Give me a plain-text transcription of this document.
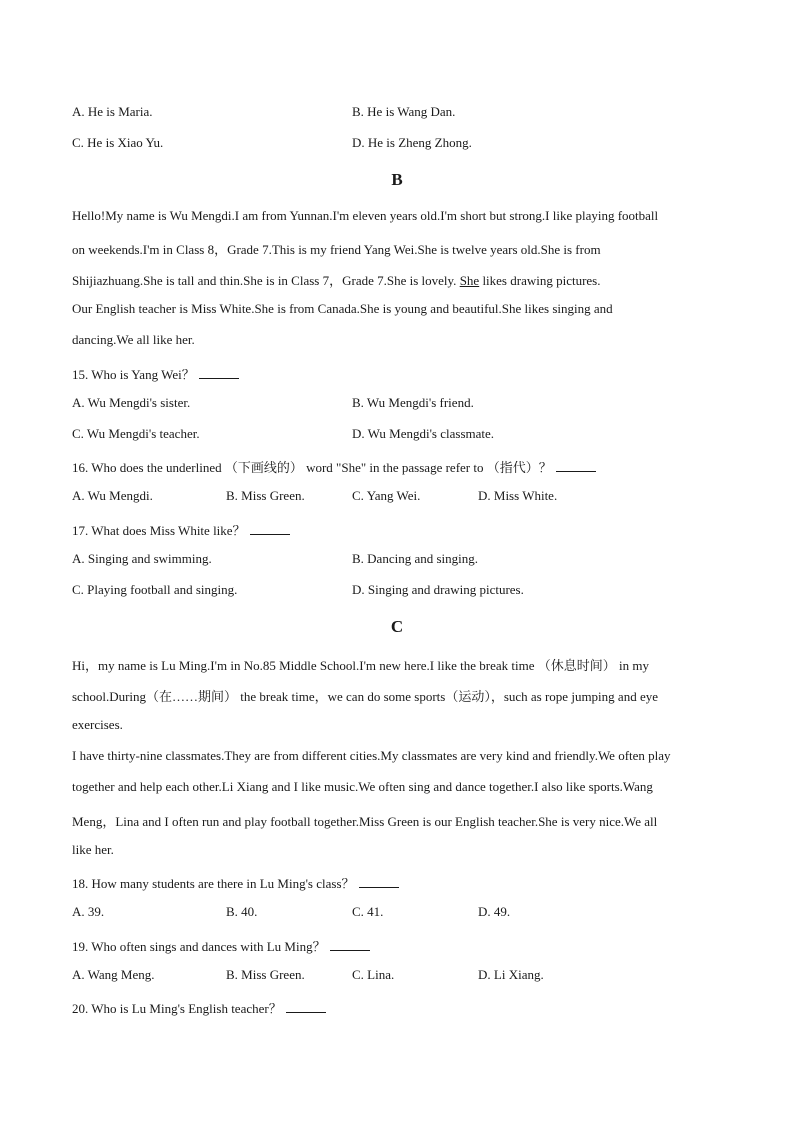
A. He is Maria.	B. He is Wang Dan.
C. He is Xiao Yu.	D. He is Zheng Zhong.
B
Hello!My name is Wu Mengdi.I am from Yunnan.I'm eleven years old.I'm short but strong.I like playing football
on weekends.I'm in Class 8，Grade 7.This is my friend Yang Wei.She is twelve years old.She is from
Shijiazhuang.She is tall and thin.She is in Class 7，Grade 7.She is lovely. She likes drawing pictures.
Our English teacher is Miss White.She is from Canada.She is young and beautiful.She likes singing and
dancing.We all like her.
15. Who is Yang Wei？
A. Wu Mengdi's sister.	B. Wu Mengdi's friend.
C. Wu Mengdi's teacher.	D. Wu Mengdi's classmate.
16. Who does the underlined （下画线的） word "She" in the passage refer to （指代）？
A. Wu Mengdi.	B. Miss Green.	C. Yang Wei.	D. Miss White.
17. What does Miss White like？
A. Singing and swimming.	B. Dancing and singing.
C. Playing football and singing.	D. Singing and drawing pictures.
C
Hi，my name is Lu Ming.I'm in No.85 Middle School.I'm new here.I like the break time （休息时间） in my
school.During（在……期间） the break time，we can do some sports（运动），such as rope jumping and eye
exercises.
I have thirty-nine classmates.They are from different cities.My classmates are very kind and friendly.We often play
together and help each other.Li Xiang and I like music.We often sing and dance together.I also like sports.Wang
Meng，Lina and I often run and play football together.Miss Green is our English teacher.She is very nice.We all
like her.
18. How many students are there in Lu Ming's class？
A. 39.	B. 40.	C. 41.	D. 49.
19. Who often sings and dances with Lu Ming？
A. Wang Meng.	B. Miss Green.	C. Lina.	D. Li Xiang.
20. Who is Lu Ming's English teacher？
